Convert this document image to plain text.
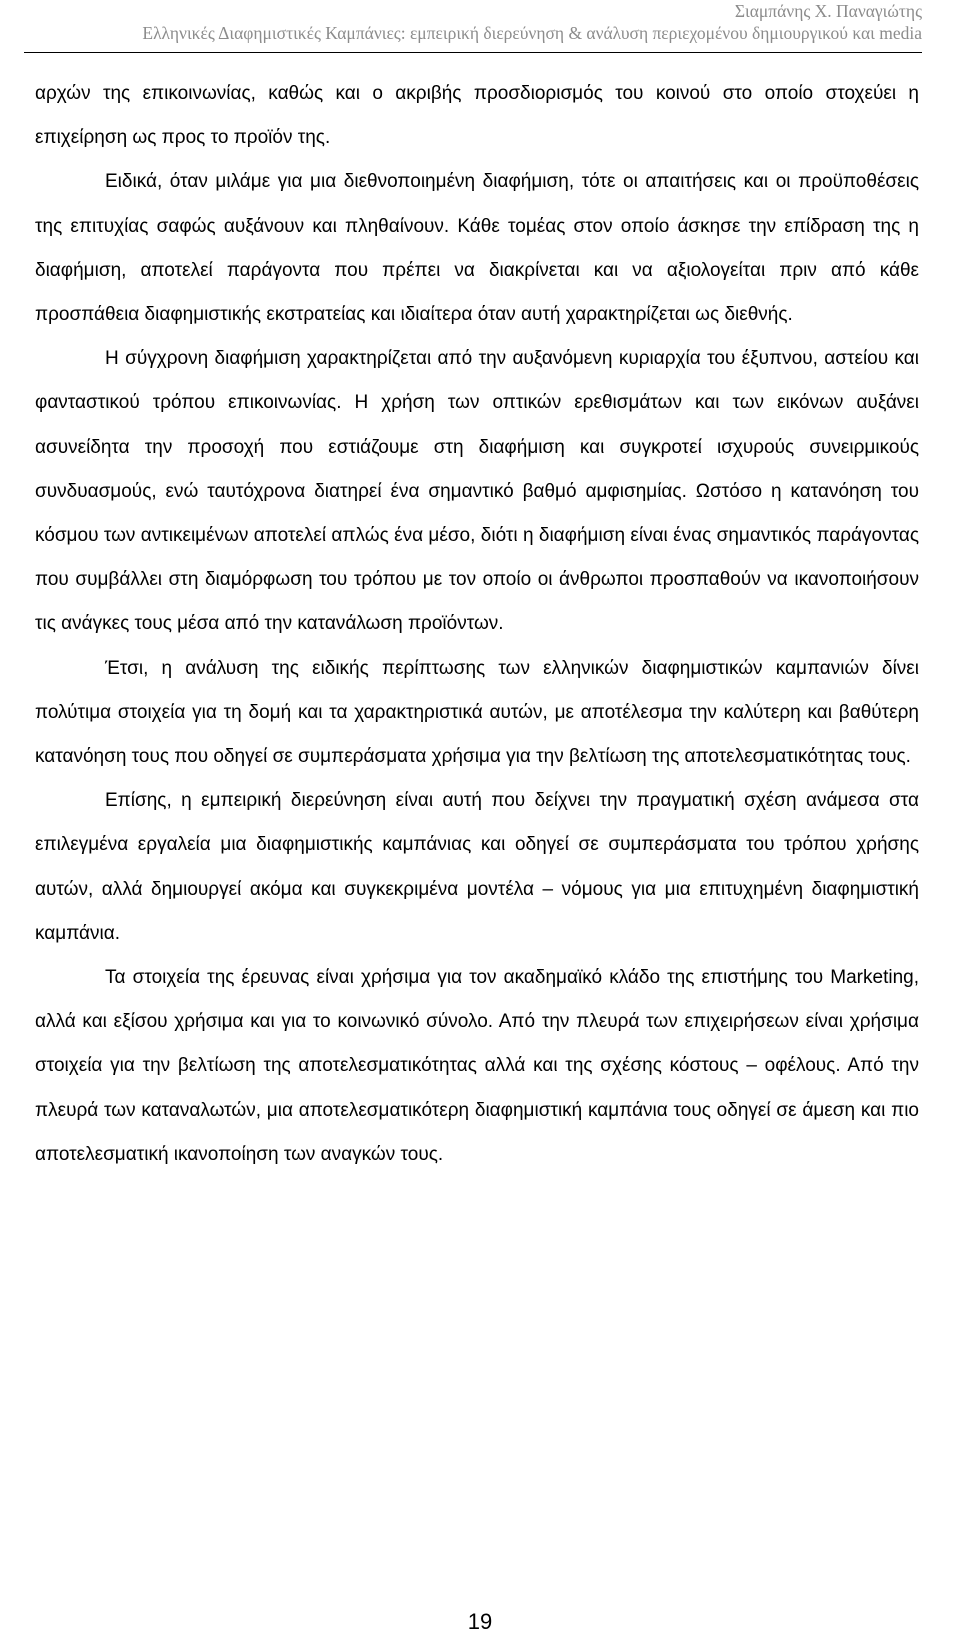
Σιαμπάνης Χ. Παναγιώτης
Ελληνικές Διαφημιστικές Καμπάνιες: εμπειρική διερεύνηση & ανάλυση περιεχομένου δημιουργικού και media

αρχών της επικοινωνίας, καθώς και ο ακριβής προσδιορισμός του κοινού στο οποίο στοχεύει η επιχείρηση ως προς το προϊόν της.

Ειδικά, όταν μιλάμε για μια διεθνοποιημένη διαφήμιση, τότε οι απαιτήσεις και οι προϋποθέσεις της επιτυχίας σαφώς αυξάνουν και πληθαίνουν. Κάθε τομέας στον οποίο άσκησε την επίδραση της η διαφήμιση, αποτελεί παράγοντα που πρέπει να διακρίνεται και να αξιολογείται πριν από κάθε προσπάθεια διαφημιστικής εκστρατείας και ιδιαίτερα όταν αυτή χαρακτηρίζεται ως διεθνής.

Η σύγχρονη διαφήμιση χαρακτηρίζεται από την αυξανόμενη κυριαρχία του έξυπνου, αστείου και φανταστικού τρόπου επικοινωνίας. Η χρήση των οπτικών ερεθισμάτων και των εικόνων αυξάνει ασυνείδητα την προσοχή που εστιάζουμε στη διαφήμιση και συγκροτεί ισχυρούς συνειρμικούς συνδυασμούς, ενώ ταυτόχρονα διατηρεί ένα σημαντικό βαθμό αμφισημίας. Ωστόσο η κατανόηση του κόσμου των αντικειμένων αποτελεί απλώς ένα μέσο, διότι η διαφήμιση είναι ένας σημαντικός παράγοντας που συμβάλλει στη διαμόρφωση του τρόπου με τον οποίο οι άνθρωποι προσπαθούν να ικανοποιήσουν τις ανάγκες τους μέσα από την κατανάλωση προϊόντων.

Έτσι, η ανάλυση της ειδικής περίπτωσης των ελληνικών διαφημιστικών καμπανιών δίνει πολύτιμα στοιχεία για τη δομή και τα χαρακτηριστικά αυτών, με αποτέλεσμα την καλύτερη και βαθύτερη κατανόηση τους που οδηγεί σε συμπεράσματα χρήσιμα για την βελτίωση της αποτελεσματικότητας τους.

Επίσης, η εμπειρική διερεύνηση είναι αυτή που δείχνει την πραγματική σχέση ανάμεσα στα επιλεγμένα εργαλεία μια διαφημιστικής καμπάνιας και οδηγεί σε συμπεράσματα του τρόπου χρήσης αυτών, αλλά δημιουργεί ακόμα και συγκεκριμένα μοντέλα – νόμους για μια επιτυχημένη διαφημιστική καμπάνια.

Τα στοιχεία της έρευνας είναι χρήσιμα για τον ακαδημαϊκό κλάδο της επιστήμης του Marketing, αλλά και εξίσου χρήσιμα και για το κοινωνικό σύνολο. Από την πλευρά των επιχειρήσεων είναι χρήσιμα στοιχεία για την βελτίωση της αποτελεσματικότητας αλλά και της σχέσης κόστους – οφέλους. Από την πλευρά των καταναλωτών, μια αποτελεσματικότερη διαφημιστική καμπάνια τους οδηγεί σε άμεση και πιο αποτελεσματική ικανοποίηση των αναγκών τους.

19
